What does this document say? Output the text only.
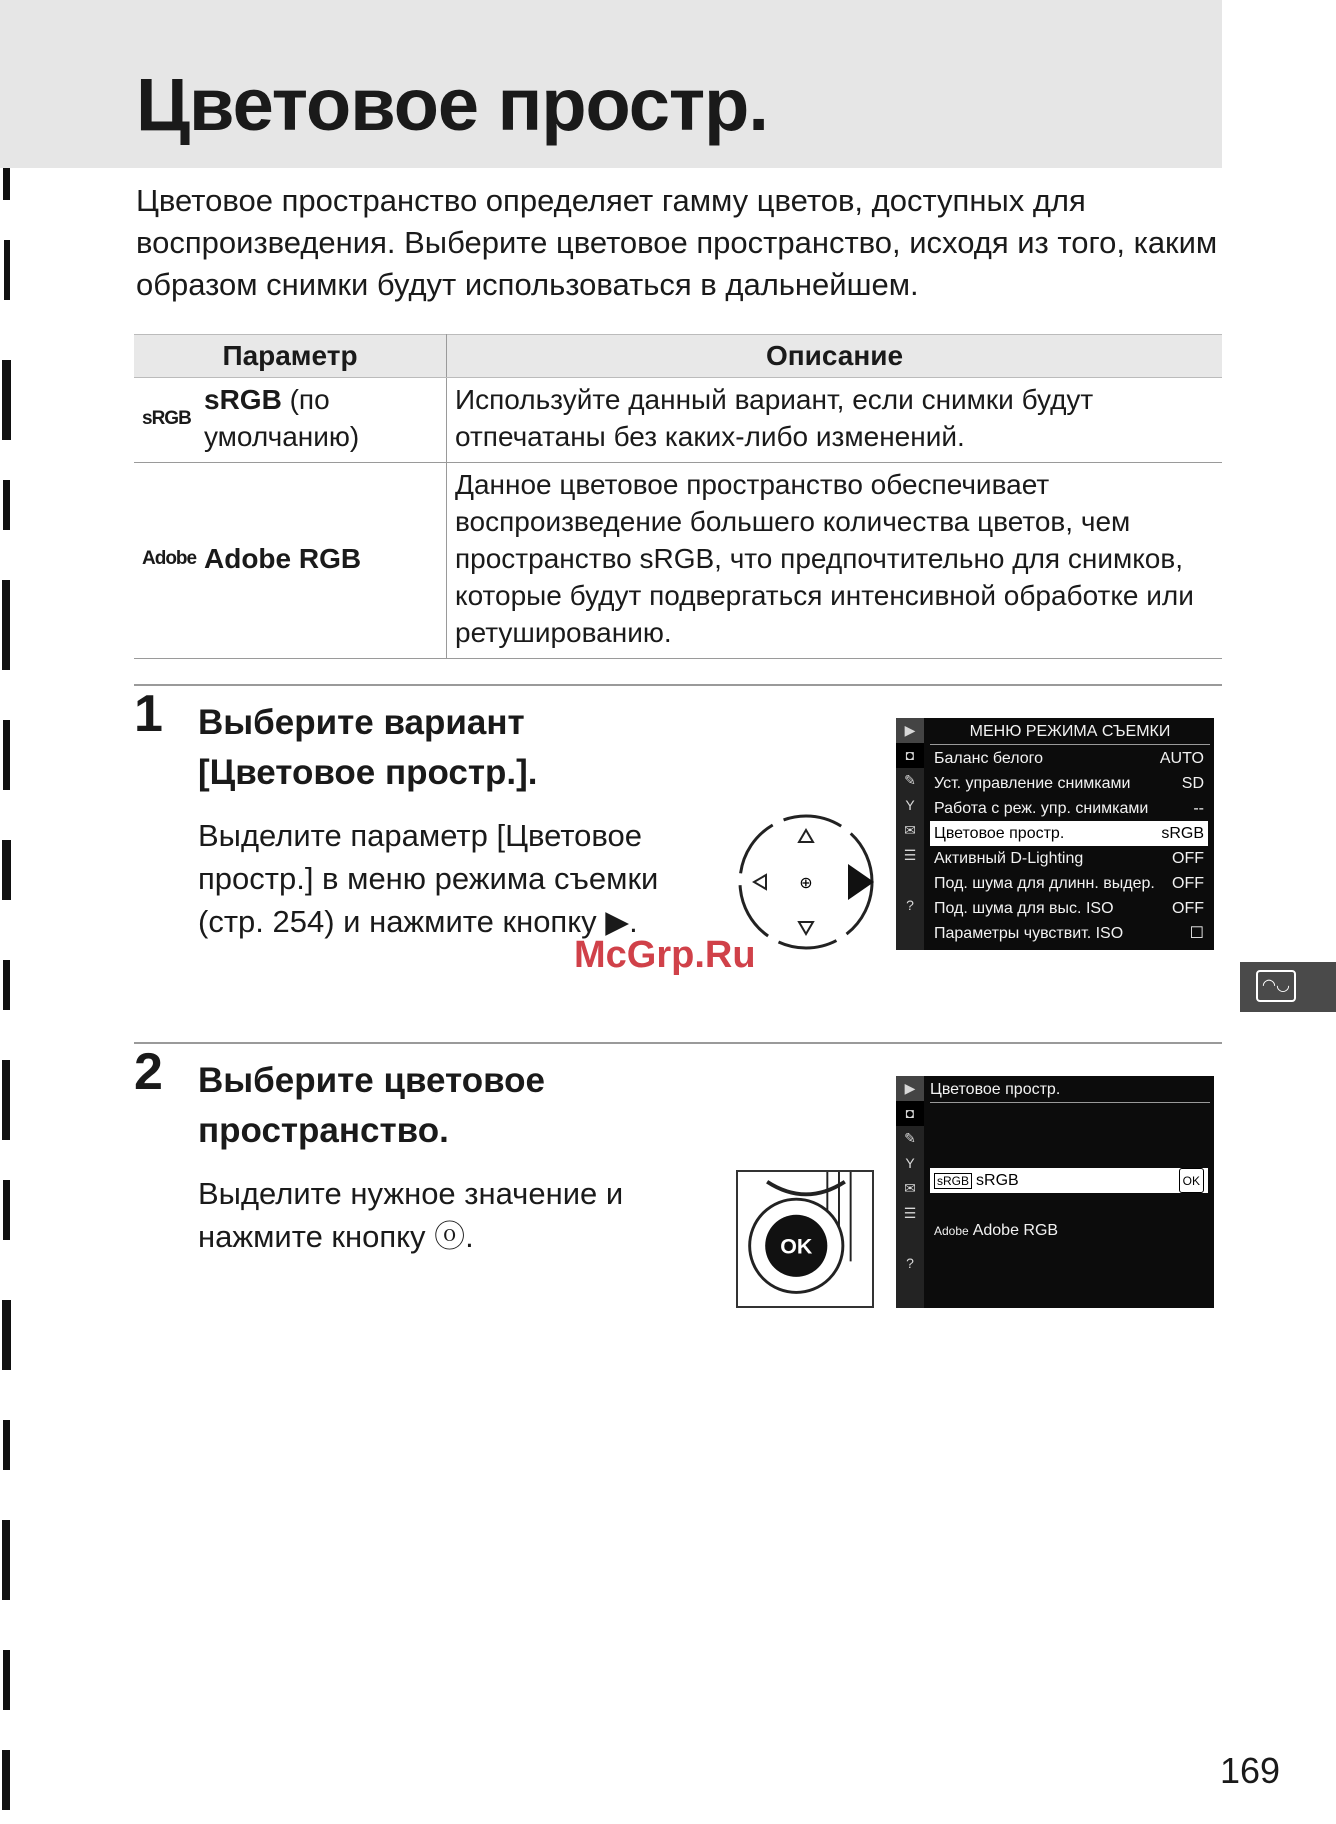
Цветовое простр.

Цветовое пространство определяет гамму цветов, доступных для воспроизведения. Выберите цветовое пространство, исходя из того, каким образом снимки будут использоваться в дальнейшем.

Параметр	Описание

sRGB
sRGB (по умолчанию)	Используйте данный вариант, если снимки будут отпечатаны без каких-либо изменений.

Adobe Adobe RGB	Данное цветовое пространство обеспечивает воспроизведение большего количества цветов, чем пространство sRGB, что предпочтительно для снимков, которые будут подвергаться интенсивной обработке или ретушированию.

1 Выберите вариант [Цветовое простр.].

Выделите параметр [Цветовое простр.] в меню режима съемки (стр. 254) и нажмите кнопку ▶.

⊕
▶
◘
✎
Y
✉
☰
?
МЕНЮ РЕЖИМА СЪЕМКИ
Баланс белого	AUTO
Уст. управление снимками	SD
Работа с реж. упр. снимками	--
Цветовое простр.	sRGB
Активный D-Lighting	OFF
Под. шума для длинн. выдер. OFF
Под. шума для выс. ISO	OFF
Параметры чувствит. ISO	☐
◠◡

McGrp.Ru

2 Выберите цветовое пространство.

Выделите нужное значение и нажмите кнопку ⓞ.	OK
▶
◘
✎
Y
✉
☰
?
Цветовое простр.
sRGB sRGB	OK
Adobe Adobe RGB

169
